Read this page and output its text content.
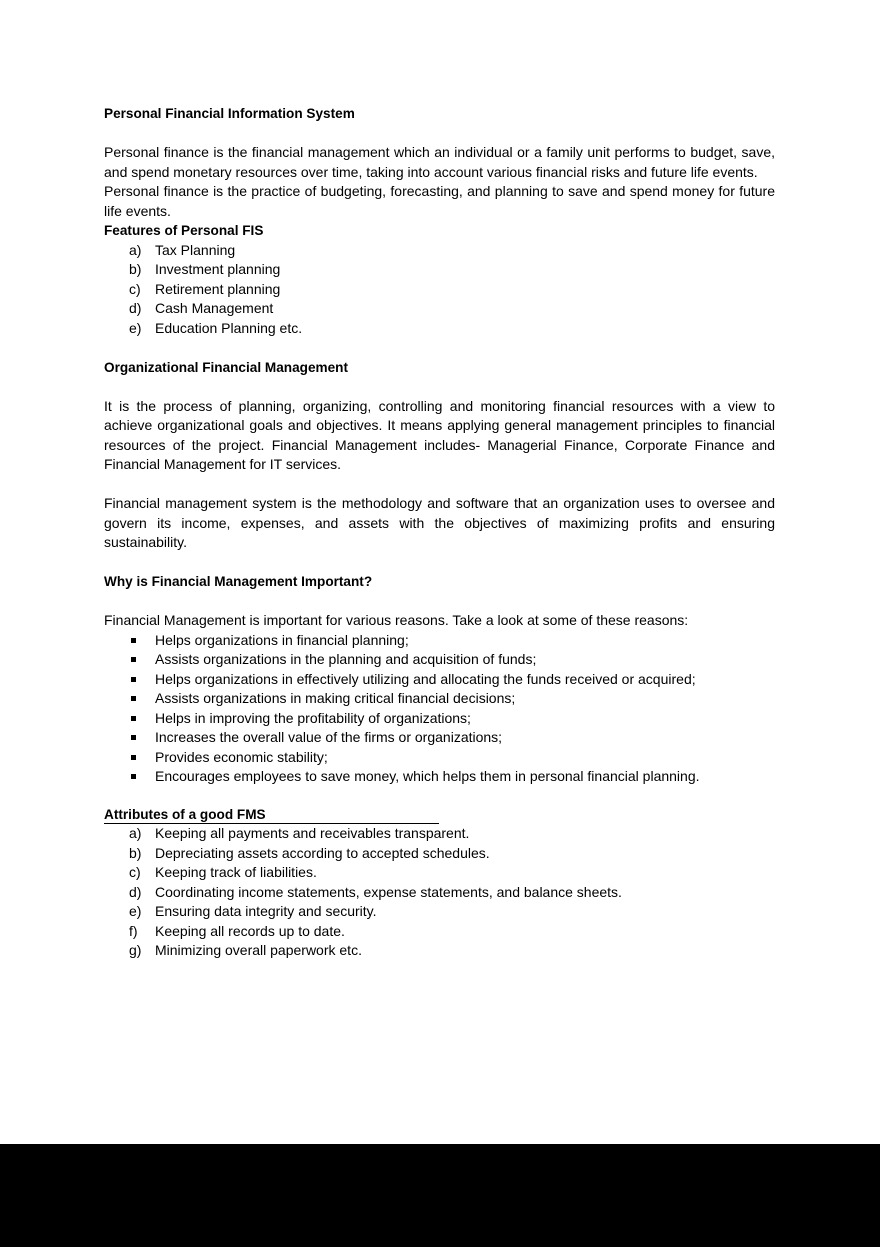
Personal Financial Information System

Personal finance is the financial management which an individual or a family unit performs to budget, save, and spend monetary resources over time, taking into account various financial risks and future life events.

Personal finance is the practice of budgeting, forecasting, and planning to save and spend money for future life events.

Features of Personal FIS

a) Tax Planning
b) Investment planning
c) Retirement planning
d) Cash Management
e) Education Planning etc.

Organizational Financial Management

It is the process of planning, organizing, controlling and monitoring financial resources with a view to achieve organizational goals and objectives. It means applying general management principles to financial resources of the project. Financial Management includes- Managerial Finance, Corporate Finance and Financial Management for IT services.

Financial management system is the methodology and software that an organization uses to oversee and govern its income, expenses, and assets with the objectives of maximizing profits and ensuring sustainability.

Why is Financial Management Important?

Financial Management is important for various reasons. Take a look at some of these reasons:

Helps organizations in financial planning;
Assists organizations in the planning and acquisition of funds;
Helps organizations in effectively utilizing and allocating the funds received or acquired;
Assists organizations in making critical financial decisions;
Helps in improving the profitability of organizations;
Increases the overall value of the firms or organizations;
Provides economic stability;
Encourages employees to save money, which helps them in personal financial planning.

Attributes of a good FMS

a) Keeping all payments and receivables transparent.
b) Depreciating assets according to accepted schedules.
c) Keeping track of liabilities.
d) Coordinating income statements, expense statements, and balance sheets.
e) Ensuring data integrity and security.
f) Keeping all records up to date.
g) Minimizing overall paperwork etc.
